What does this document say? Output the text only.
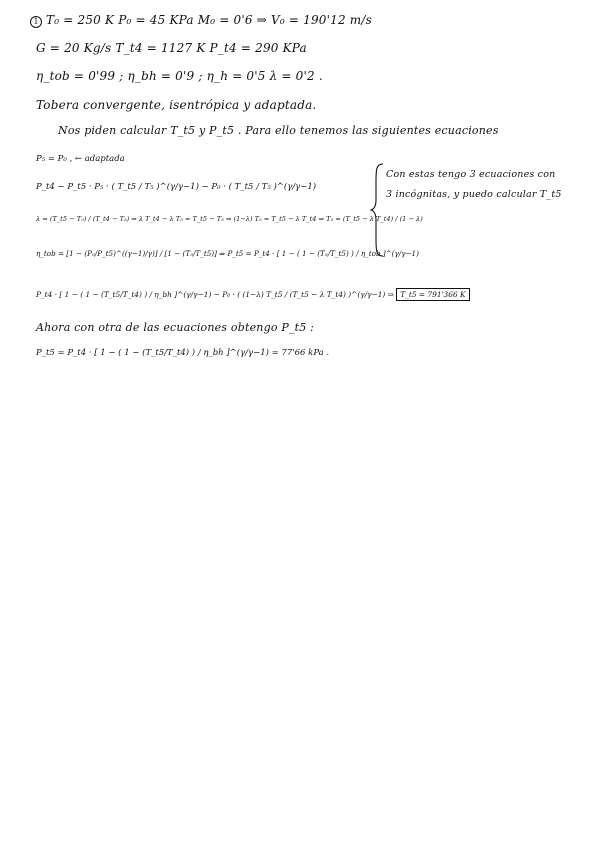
1 T₀ = 250 K P₀ = 45 KPa M₀ = 0'6 ⇒ V₀ = 190'12 m/s
G = 20 Kg/s T_t4 = 1127 K P_t4 = 290 KPa
η_tob = 0'99 ; η_bh = 0'9 ; η_h = 0'5 λ = 0'2 .
Tobera convergente, isentrópica y adaptada.
Nos piden calcular T_t5 y P_t5 . Para ello tenemos las siguientes ecuaciones
P₅ = P₀ , ← adaptada
P_t4 − P_t5 · P₅ · ( T_t5 / T₅ )^(γ/γ−1) − P₀ · ( T_t5 / T₅ )^(γ/γ−1)
λ = (T_t5 − T₅) / (T_t4 − T₅) ⇒ λ T_t4 − λ T₅ = T_t5 − T₅ ⇒ (1−λ) T₅ = T_t5 − λ T_t4 ⇒ T₅ = (T_t5 − λ T_t4) / (1 − λ)
η_tob = [1 − (P₅/P_t5)^((γ−1)/γ)] / [1 − (T₅/T_t5)] ⇒ P_t5 = P_t4 · [ 1 − ( 1 − (T₅/T_t5) ) / η_tob ]^(γ/γ−1)
P_t4 · [ 1 − ( 1 − (T_t5/T_t4) ) / η_bh ]^(γ/γ−1) − P₀ · ( (1−λ) T_t5 / (T_t5 − λ T_t4) )^(γ/γ−1) ⇒ T_t5 = 791'366 K
Ahora con otra de las ecuaciones obtengo P_t5 :
P_t5 = P_t4 · [ 1 − ( 1 − (T_t5/T_t4) ) / η_bh ]^(γ/γ−1) = 77'66 kPa .
Con estas tengo 3 ecuaciones con
3 incógnitas, y puedo calcular T_t5
